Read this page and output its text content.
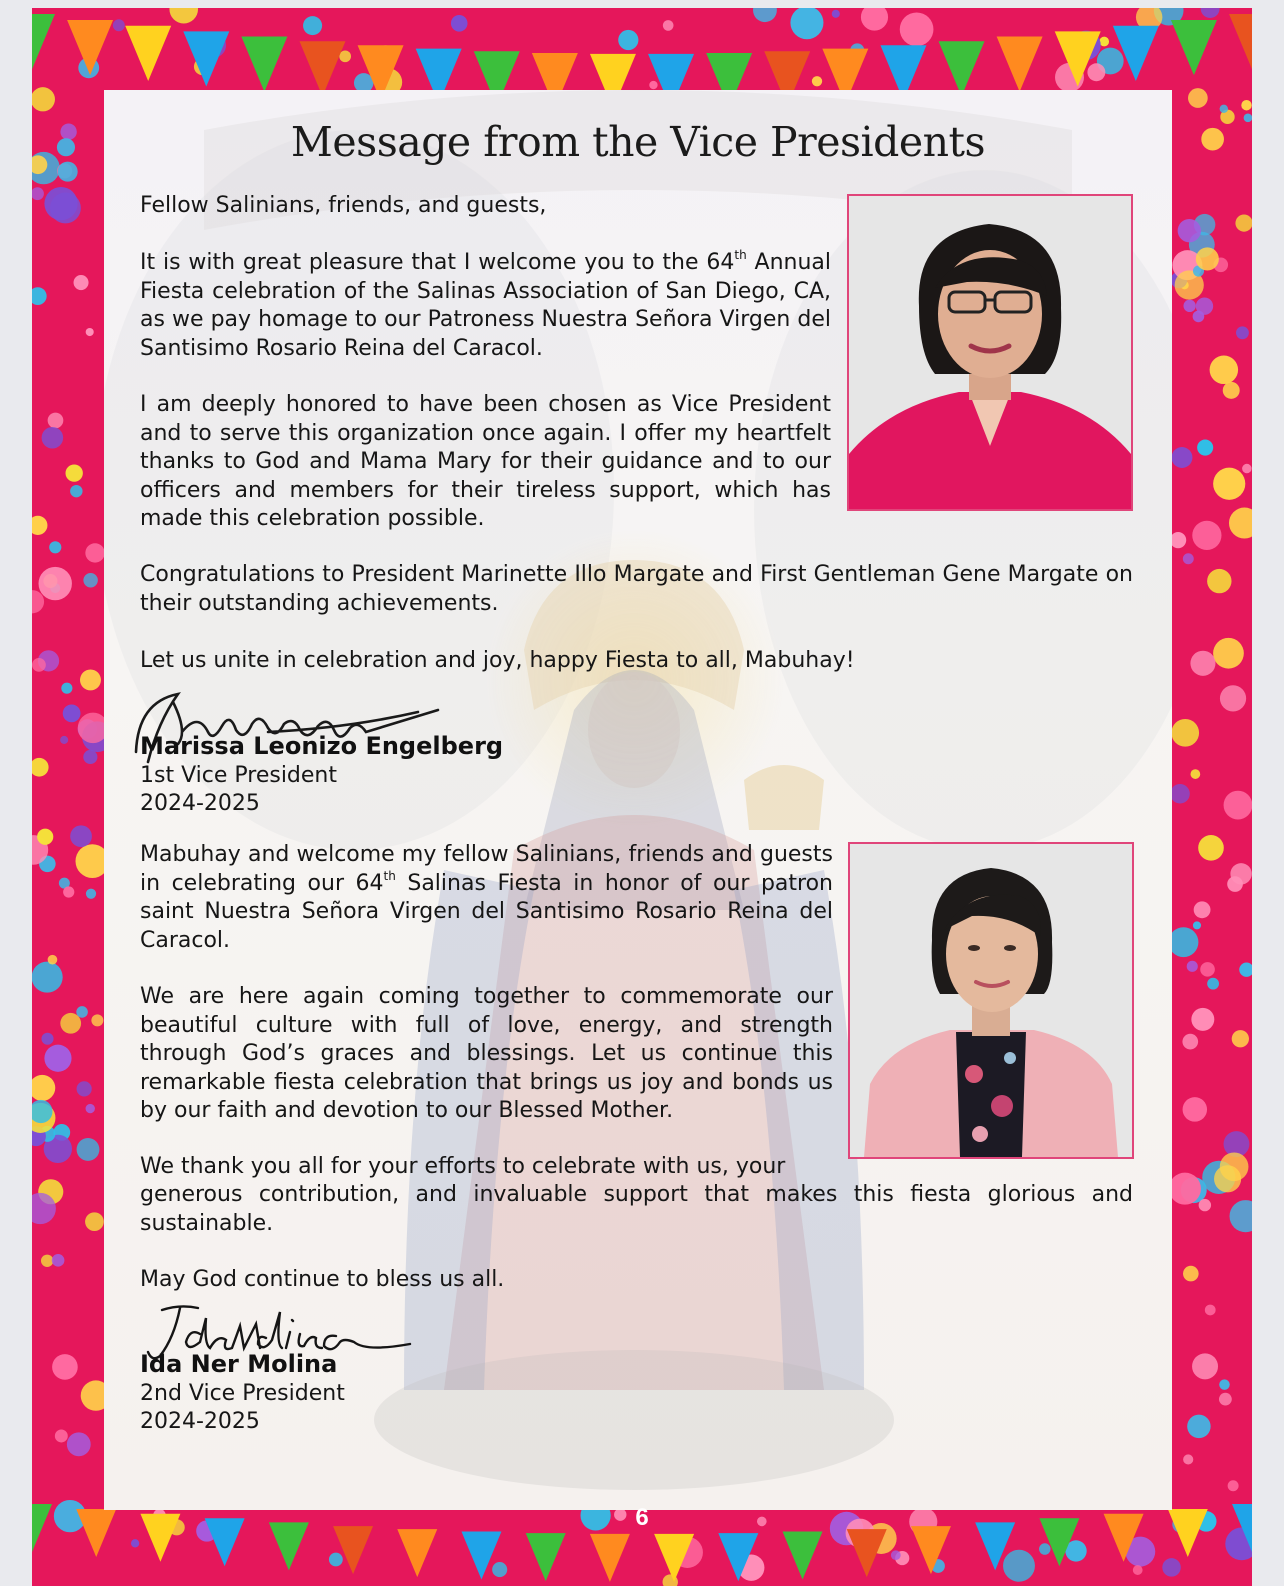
Message from the Vice Presidents
Fellow Salinians, friends, and guests,
It is with great pleasure that I welcome you to the 64th Annual Fiesta celebration of the Salinas Association of San Diego, CA, as we pay homage to our Patroness Nuestra Señora Virgen del Santisimo Rosario Reina del Caracol.
I am deeply honored to have been chosen as Vice President and to serve this organization once again. I offer my heartfelt thanks to God and Mama Mary for their guidance and to our officers and members for their tireless support, which has made this celebration possible.
Congratulations to President Marinette Illo Margate and First Gentleman Gene Margate on their outstanding achievements.
Let us unite in celebration and joy, happy Fiesta to all, Mabuhay!
Marissa Leonizo Engelberg
1st Vice President
2024-2025
Mabuhay and welcome my fellow Salinians, friends and guests in celebrating our 64th Salinas Fiesta in honor of our patron saint Nuestra Señora Virgen del Santisimo Rosario Reina del Caracol.
We are here again coming together to commemorate our beautiful culture with full of love, energy, and strength through God’s graces and blessings. Let us continue this remarkable fiesta celebration that brings us joy and bonds us by our faith and devotion to our Blessed Mother.
We thank you all for your efforts to celebrate with us, your
generous contribution, and invaluable support that makes this fiesta glorious and sustainable.
May God continue to bless us all.
Ida Ner Molina
2nd Vice President
2024-2025
6
